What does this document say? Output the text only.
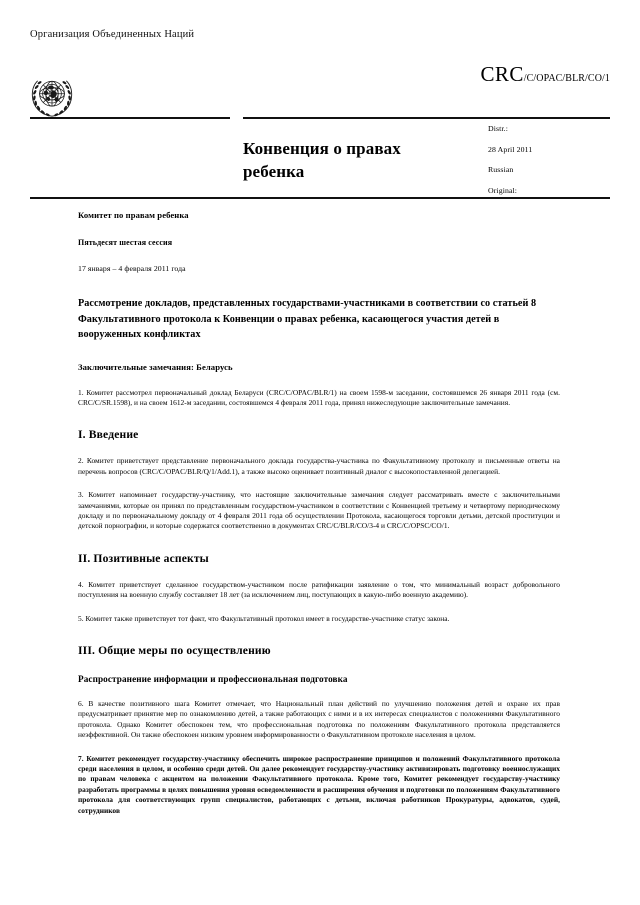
Организация Объединенных Наций
CRC/C/OPAC/BLR/CO/1
Конвенция о правах ребенка
Distr.:
28 April 2011
Russian
Original:
Комитет по правам ребенка
Пятьдесят шестая сессия
17 января – 4 февраля 2011 года
Рассмотрение докладов, представленных государствами-участниками в соответствии со статьей 8 Факультативного протокола к Конвенции о правах ребенка, касающегося участия детей в вооруженных конфликтах
Заключительные замечания: Беларусь

1. Комитет рассмотрел первоначальный доклад Беларуси (CRC/C/OPAC/BLR/1) на своем 1598-м заседании, состоявшемся 26 января 2011 года (см. CRC/C/SR.1598), и на своем 1612-м заседании, состоявшемся 4 февраля 2011 года, принял нижеследующие заключительные замечания.

I. Введение

2. Комитет приветствует представление первоначального доклада государства-участника по Факультативному протоколу и письменные ответы на перечень вопросов (CRC/C/OPAC/BLR/Q/1/Add.1), а также высоко оценивает позитивный диалог с высокопоставленной делегацией.

3. Комитет напоминает государству-участнику, что настоящие заключительные замечания следует рассматривать вместе с заключительными замечаниями, которые он принял по представленным государством-участником в соответствии с Конвенцией третьему и четвертому периодическому докладу и по первоначальному докладу от 4 февраля 2011 года об осуществлении Протокола, касающегося торговли детьми, детской проституции и детской порнографии, и которые содержатся соответственно в документах CRC/C/BLR/CO/3-4 и CRC/C/OPSC/CO/1.

II. Позитивные аспекты

4. Комитет приветствует сделанное государством-участником после ратификации заявление о том, что минимальный возраст добровольного поступления на военную службу составляет 18 лет (за исключением лиц, поступающих в какую-либо военную академию).

5. Комитет также приветствует тот факт, что Факультативный протокол имеет в государстве-участнике статус закона.

III. Общие меры по осуществлению
Распространение информации и профессиональная подготовка

6. В качестве позитивного шага Комитет отмечает, что Национальный план действий по улучшению положения детей и охране их прав предусматривает принятие мер по ознакомлению детей, а также работающих с ними и в их интересах специалистов с положениями Факультативного протокола. Однако Комитет обеспокоен тем, что профессиональная подготовка по положениям Факультативного протокола представляется неэффективной. Он также обеспокоен низким уровнем информированности о Факультативном протоколе населения в целом.

7. Комитет рекомендует государству-участнику обеспечить широкое распространение принципов и положений Факультативного протокола среди населения в целом, и особенно среди детей. Он далее рекомендует государству-участнику активизировать подготовку военнослужащих по правам человека с акцентом на положении Факультативного протокола. Кроме того, Комитет рекомендует государству-участнику разработать программы в целях повышения уровня осведомленности и расширения обучения и подготовки по положениям Факультативного протокола для соответствующих групп специалистов, работающих с детьми, включая работников Прокуратуры, адвокатов, судей, сотрудников
